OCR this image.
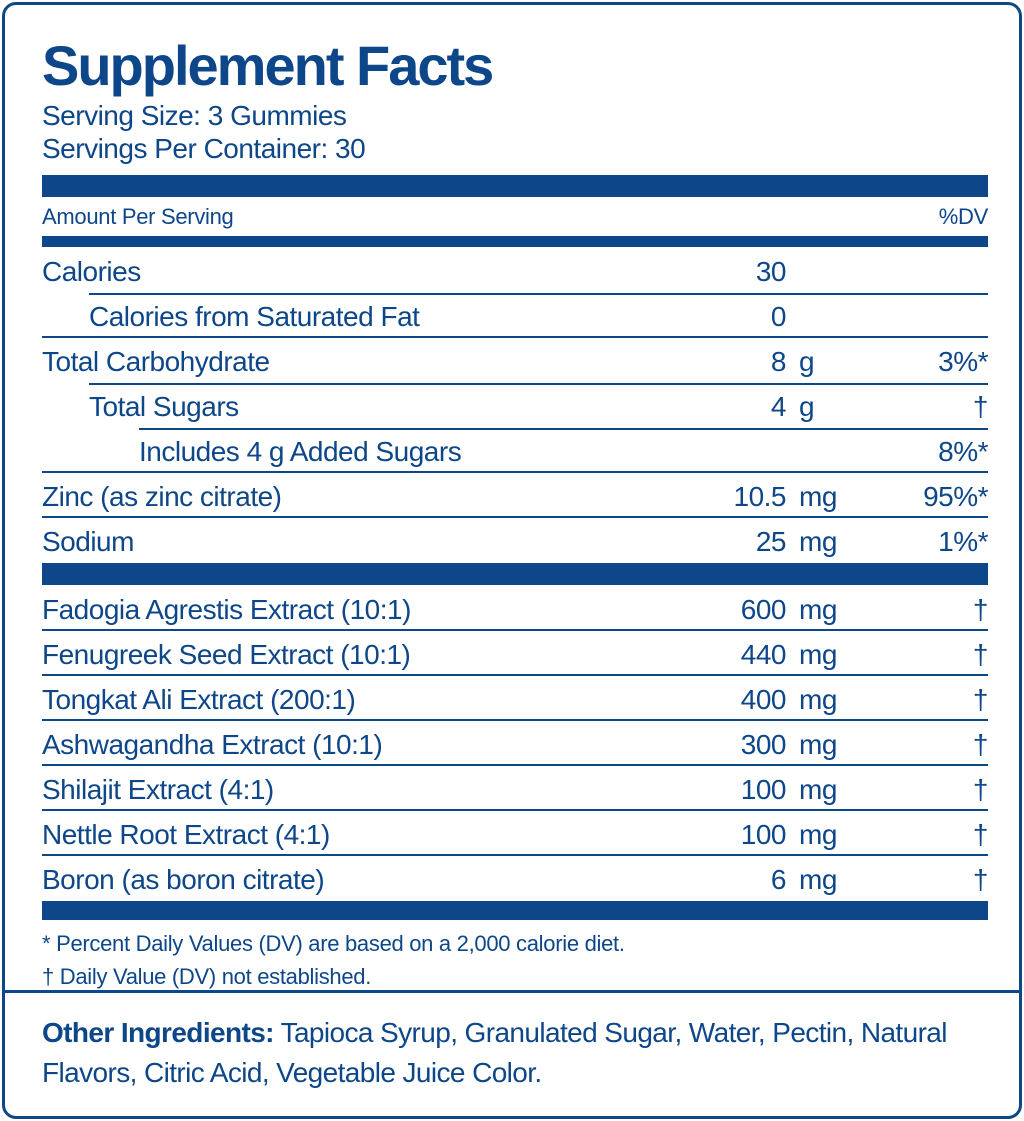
Supplement Facts
Serving Size: 3 Gummies
Servings Per Container: 30
Amount Per Serving	%DV
Calories	30
Calories from Saturated Fat	0
Total Carbohydrate	8 g	3%*
Total Sugars	4 g	†
Includes 4 g Added Sugars	8%*
Zinc (as zinc citrate)	10.5 mg	95%*
Sodium	25 mg	1%*
Fadogia Agrestis Extract (10:1)	600 mg	†
Fenugreek Seed Extract (10:1)	440 mg	†
Tongkat Ali Extract (200:1)	400 mg	†
Ashwagandha Extract (10:1)	300 mg	†
Shilajit Extract (4:1)	100 mg	†
Nettle Root Extract (4:1)	100 mg	†
Boron (as boron citrate)	6 mg	†
* Percent Daily Values (DV) are based on a 2,000 calorie diet.
† Daily Value (DV) not established.
Other Ingredients: Tapioca Syrup, Granulated Sugar, Water, Pectin, Natural Flavors, Citric Acid, Vegetable Juice Color.
